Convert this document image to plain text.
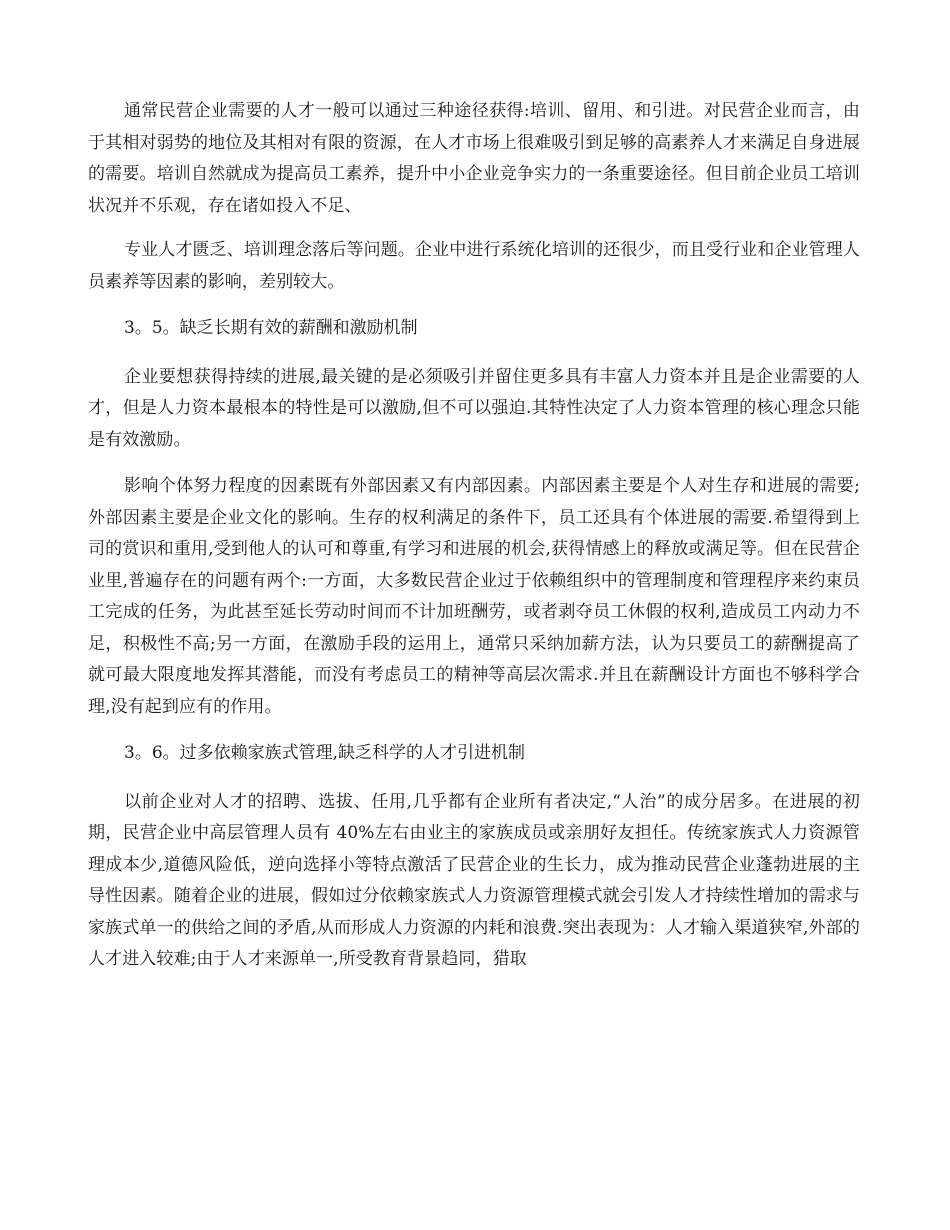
通常民营企业需要的人才一般可以通过三种途径获得:培训、留用、和引进。对民营企业而言，由于其相对弱势的地位及其相对有限的资源，在人才市场上很难吸引到足够的高素养人才来满足自身进展的需要。培训自然就成为提高员工素养，提升中小企业竞争实力的一条重要途径。但目前企业员工培训状况并不乐观，存在诸如投入不足、

专业人才匮乏、培训理念落后等问题。企业中进行系统化培训的还很少，而且受行业和企业管理人员素养等因素的影响，差别较大。

3。5。缺乏长期有效的薪酬和激励机制

企业要想获得持续的进展,最关键的是必须吸引并留住更多具有丰富人力资本并且是企业需要的人才，但是人力资本最根本的特性是可以激励,但不可以强迫.其特性决定了人力资本管理的核心理念只能是有效激励。

影响个体努力程度的因素既有外部因素又有内部因素。内部因素主要是个人对生存和进展的需要;外部因素主要是企业文化的影响。生存的权利满足的条件下，员工还具有个体进展的需要.希望得到上司的赏识和重用,受到他人的认可和尊重,有学习和进展的机会,获得情感上的释放或满足等。但在民营企业里,普遍存在的问题有两个:一方面，大多数民营企业过于依赖组织中的管理制度和管理程序来约束员工完成的任务，为此甚至延长劳动时间而不计加班酬劳，或者剥夺员工休假的权利,造成员工内动力不足，积极性不高;另一方面，在激励手段的运用上，通常只采纳加薪方法，认为只要员工的薪酬提高了就可最大限度地发挥其潜能，而没有考虑员工的精神等高层次需求.并且在薪酬设计方面也不够科学合理,没有起到应有的作用。

3。6。过多依赖家族式管理,缺乏科学的人才引进机制

以前企业对人才的招聘、选拔、任用,几乎都有企业所有者决定,“人治”的成分居多。在进展的初期，民营企业中高层管理人员有 40%左右由业主的家族成员或亲朋好友担任。传统家族式人力资源管理成本少,道德风险低，逆向选择小等特点激活了民营企业的生长力，成为推动民营企业蓬勃进展的主导性因素。随着企业的进展，假如过分依赖家族式人力资源管理模式就会引发人才持续性增加的需求与家族式单一的供给之间的矛盾,从而形成人力资源的内耗和浪费.突出表现为：人才输入渠道狭窄,外部的人才进入较难;由于人才来源单一,所受教育背景趋同，猎取
